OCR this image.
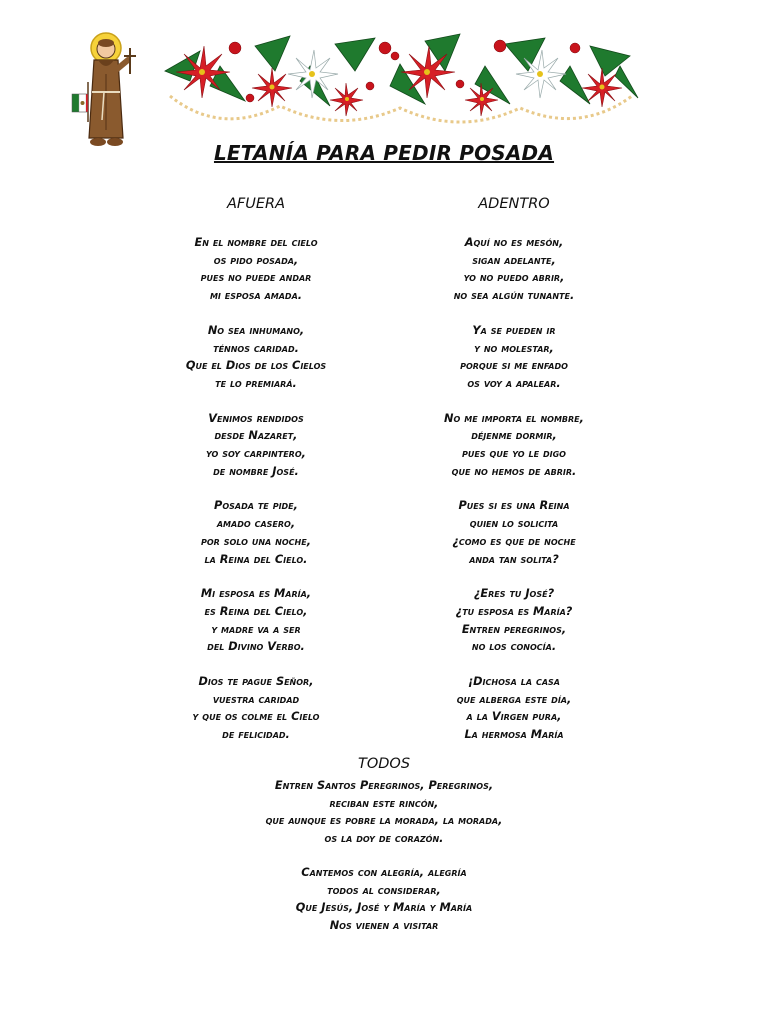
LETANÍA PARA PEDIR POSADA
AFUERA
En el nombre del cielo
os pido posada,
pues no puede andar
mi esposa amada.
No sea inhumano,
ténnos caridad.
Que el Dios de los Cielos
te lo premiará.
Venimos rendidos
desde Nazaret,
yo soy carpintero,
de nombre José.
Posada te pide,
amado casero,
por solo una noche,
la Reina del Cielo.
Mi esposa es María,
es Reina del Cielo,
y madre va a ser
del Divino Verbo.
Dios te pague Señor,
vuestra caridad
y que os colme el Cielo
de felicidad.
ADENTRO
Aquí no es mesón,
sigan adelante,
yo no puedo abrir,
no sea algún tunante.
Ya se pueden ir
y no molestar,
porque si me enfado
os voy a apalear.
No me importa el nombre,
déjenme dormir,
pues que yo le digo
que no hemos de abrir.
Pues si es una Reina
quien lo solicita
¿como es que de noche
anda tan solita?
¿Eres tu José?
¿tu esposa es María?
Entren peregrinos,
no los conocía.
¡Dichosa la casa
que alberga este día,
a la Virgen pura,
La hermosa María
TODOS
Entren Santos Peregrinos, Peregrinos,
reciban este rincón,
que aunque es pobre la morada, la morada,
os la doy de corazón.
Cantemos con alegría, alegría
todos al considerar,
Que Jesús, José y María y María
Nos vienen a visitar
